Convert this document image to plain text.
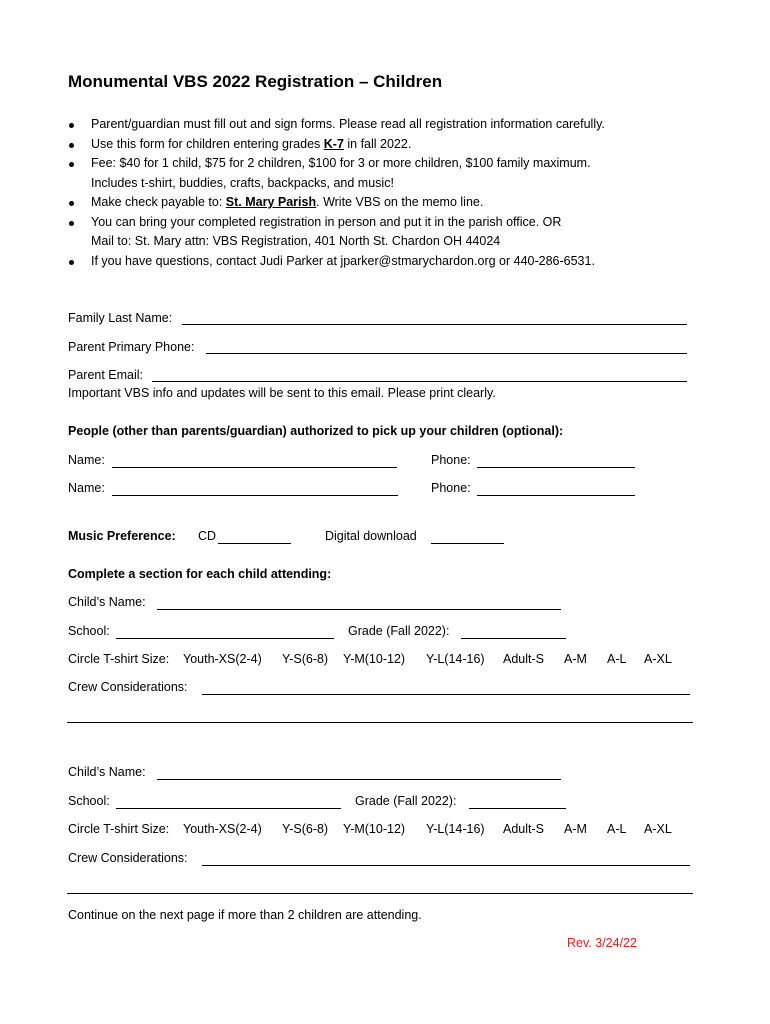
Monumental VBS 2022 Registration – Children
Parent/guardian must fill out and sign forms. Please read all registration information carefully.
Use this form for children entering grades K-7 in fall 2022.
Fee: $40 for 1 child, $75 for 2 children, $100 for 3 or more children, $100 family maximum.
Includes t-shirt, buddies, crafts, backpacks, and music!
Make check payable to: St. Mary Parish. Write VBS on the memo line.
You can bring your completed registration in person and put it in the parish office. OR
Mail to: St. Mary attn: VBS Registration, 401 North St. Chardon OH 44024
If you have questions, contact Judi Parker at jparker@stmarychardon.org or 440-286-6531.
Family Last Name:
Parent Primary Phone:
Parent Email:
Important VBS info and updates will be sent to this email. Please print clearly.
People (other than parents/guardian) authorized to pick up your children (optional):
Name:	Phone:
Name:	Phone:
Music Preference: CD	Digital download
Complete a section for each child attending:
Child’s Name:
School:	Grade (Fall 2022):
Circle T-shirt Size: Youth-XS(2-4) Y-S(6-8) Y-M(10-12) Y-L(14-16) Adult-S A-M A-L A-XL
Crew Considerations:
Child’s Name:
School:	Grade (Fall 2022):
Circle T-shirt Size: Youth-XS(2-4) Y-S(6-8) Y-M(10-12) Y-L(14-16) Adult-S A-M A-L A-XL
Crew Considerations:
Continue on the next page if more than 2 children are attending.
Rev. 3/24/22
